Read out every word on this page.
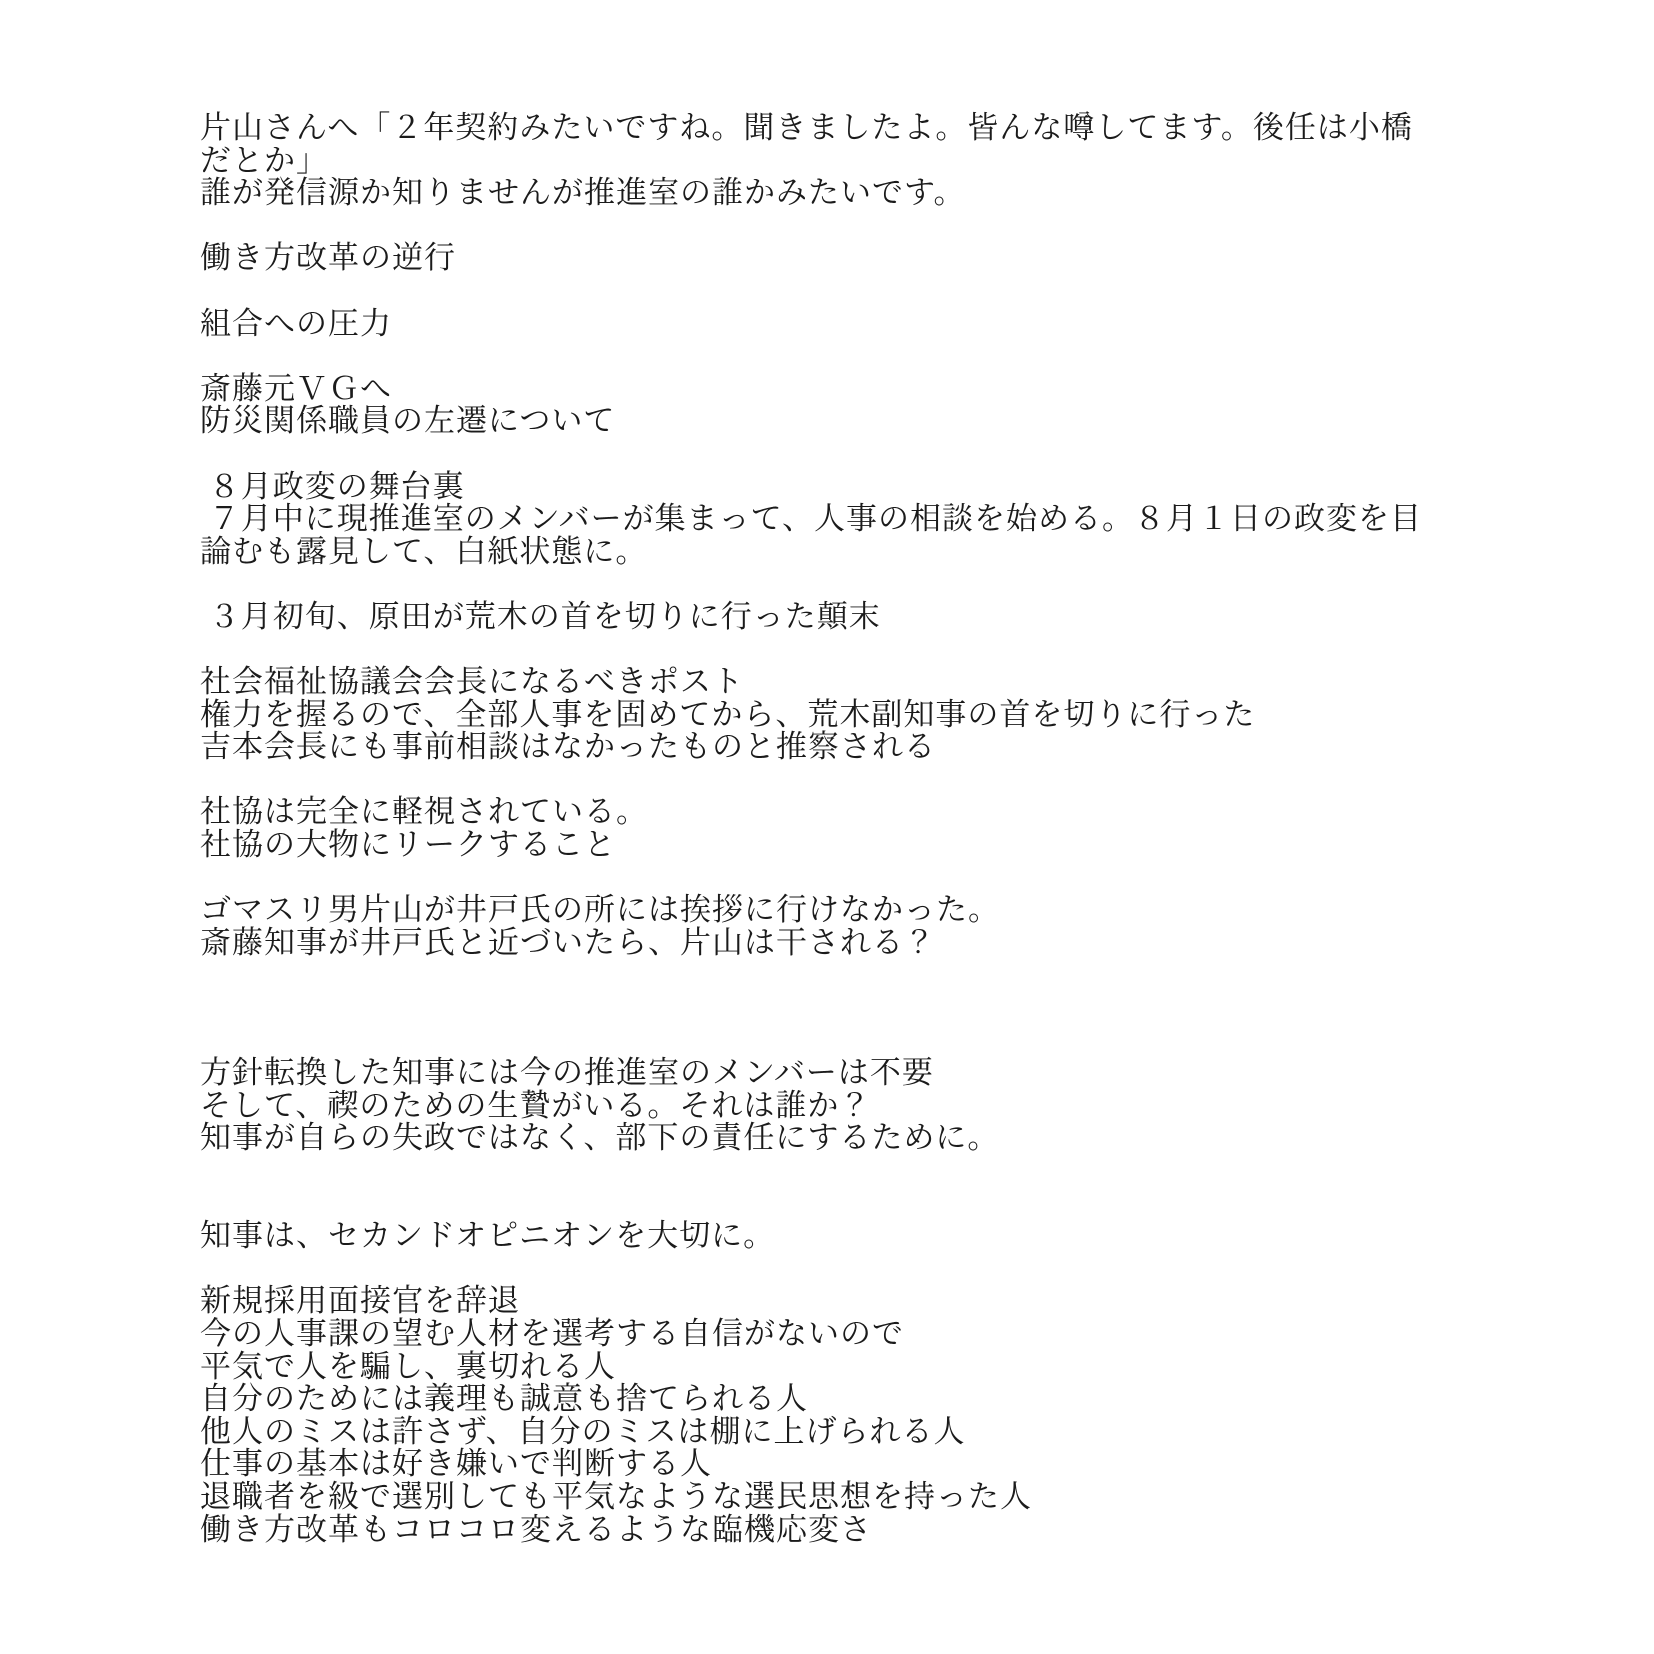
片山さんへ「２年契約みたいですね。聞きましたよ。皆んな噂してます。後任は小橋
だとか」
誰が発信源か知りませんが推進室の誰かみたいです。
働き方改革の逆行
組合への圧力
斎藤元ＶＧへ
防災関係職員の左遷について
８月政変の舞台裏
７月中に現推進室のメンバーが集まって、人事の相談を始める。８月１日の政変を目
論むも露見して、白紙状態に。
３月初旬、原田が荒木の首を切りに行った顛末
社会福祉協議会会長になるべきポスト
権力を握るので、全部人事を固めてから、荒木副知事の首を切りに行った
吉本会長にも事前相談はなかったものと推察される
社協は完全に軽視されている。
社協の大物にリークすること
ゴマスリ男片山が井戸氏の所には挨拶に行けなかった。
斎藤知事が井戸氏と近づいたら、片山は干される？
方針転換した知事には今の推進室のメンバーは不要
そして、禊のための生贄がいる。それは誰か？
知事が自らの失政ではなく、部下の責任にするために。
知事は、セカンドオピニオンを大切に。
新規採用面接官を辞退
今の人事課の望む人材を選考する自信がないので
平気で人を騙し、裏切れる人
自分のためには義理も誠意も捨てられる人
他人のミスは許さず、自分のミスは棚に上げられる人
仕事の基本は好き嫌いで判断する人
退職者を級で選別しても平気なような選民思想を持った人
働き方改革もコロコロ変えるような臨機応変さ
